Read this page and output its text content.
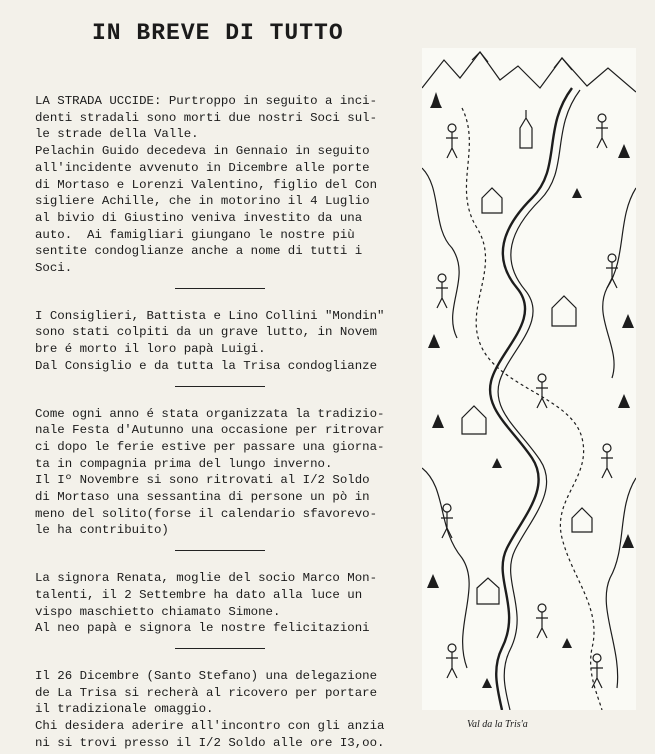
IN BREVE DI TUTTO

LA STRADA UCCIDE: Purtroppo in seguito a inci-
denti stradali sono morti due nostri Soci sul-
le strade della Valle.
Pelachin Guido decedeva in Gennaio in seguito
all'incidente avvenuto in Dicembre alle porte
di Mortaso e Lorenzi Valentino, figlio del Con
sigliere Achille, che in motorino il 4 Luglio
al bivio di Giustino veniva investito da una
auto.  Ai famigliari giungano le nostre più
sentite condoglianze anche a nome di tutti i
Soci.

I Consiglieri, Battista e Lino Collini "Mondin"
sono stati colpiti da un grave lutto, in Novem
bre é morto il loro papà Luigi.
Dal Consiglio e da tutta la Trisa condoglianze

Come ogni anno é stata organizzata la tradizio-
nale Festa d'Autunno una occasione per ritrovar
ci dopo le ferie estive per passare una giorna-
ta in compagnia prima del lungo inverno.
Il Iº Novembre si sono ritrovati al I/2 Soldo
di Mortaso una sessantina di persone un pò in
meno del solito(forse il calendario sfavorevo-
le ha contribuito)

La signora Renata, moglie del socio Marco Mon-
talenti, il 2 Settembre ha dato alla luce un
vispo maschietto chiamato Simone.
Al neo papà e signora le nostre felicitazioni

Il 26 Dicembre (Santo Stefano) una delegazione
de La Trisa si recherà al ricovero per portare
il tradizionale omaggio.
Chi desidera aderire all'incontro con gli anzia
ni si trovi presso il I/2 Soldo alle ore I3,oo.

Val da la Tris'a
